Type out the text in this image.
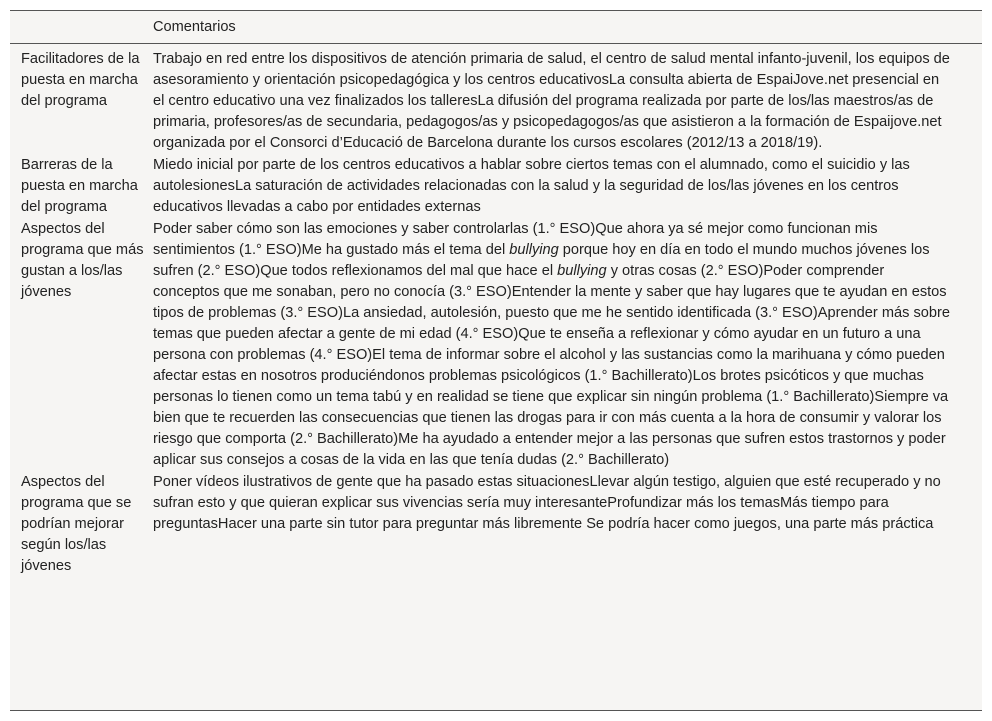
	Comentarios
Facilitadores de la puesta en marcha del programa	Trabajo en red entre los dispositivos de atención primaria de salud, el centro de salud mental infanto-juvenil, los equipos de asesoramiento y orientación psicopedagógica y los centros educativosLa consulta abierta de EspaiJove.net presencial en el centro educativo una vez finalizados los talleresLa difusión del programa realizada por parte de los/las maestros/as de primaria, profesores/as de secundaria, pedagogos/as y psicopedagogos/as que asistieron a la formación de Espaijove.net organizada por el Consorci d’Educació de Barcelona durante los cursos escolares (2012/13 a 2018/19).
Barreras de la puesta en marcha del programa	Miedo inicial por parte de los centros educativos a hablar sobre ciertos temas con el alumnado, como el suicidio y las autolesionesLa saturación de actividades relacionadas con la salud y la seguridad de los/las jóvenes en los centros educativos llevadas a cabo por entidades externas
Aspectos del programa que más gustan a los/las jóvenes	Poder saber cómo son las emociones y saber controlarlas (1.° ESO)Que ahora ya sé mejor como funcionan mis sentimientos (1.° ESO)Me ha gustado más el tema del bullying porque hoy en día en todo el mundo muchos jóvenes los sufren (2.° ESO)Que todos reflexionamos del mal que hace el bullying y otras cosas (2.° ESO)Poder comprender conceptos que me sonaban, pero no conocía (3.° ESO)Entender la mente y saber que hay lugares que te ayudan en estos tipos de problemas (3.° ESO)La ansiedad, autolesión, puesto que me he sentido identificada (3.° ESO)Aprender más sobre temas que pueden afectar a gente de mi edad (4.° ESO)Que te enseña a reflexionar y cómo ayudar en un futuro a una persona con problemas (4.° ESO)El tema de informar sobre el alcohol y las sustancias como la marihuana y cómo pueden afectar estas en nosotros produciéndonos problemas psicológicos (1.° Bachillerato)Los brotes psicóticos y que muchas personas lo tienen como un tema tabú y en realidad se tiene que explicar sin ningún problema (1.° Bachillerato)Siempre va bien que te recuerden las consecuencias que tienen las drogas para ir con más cuenta a la hora de consumir y valorar los riesgo que comporta (2.° Bachillerato)Me ha ayudado a entender mejor a las personas que sufren estos trastornos y poder aplicar sus consejos a cosas de la vida en las que tenía dudas (2.° Bachillerato)
Aspectos del programa que se podrían mejorar según los/las jóvenes	Poner vídeos ilustrativos de gente que ha pasado estas situacionesLlevar algún testigo, alguien que esté recuperado y no sufran esto y que quieran explicar sus vivencias sería muy interesanteProfundizar más los temasMás tiempo para preguntasHacer una parte sin tutor para preguntar más libremente Se podría hacer como juegos, una parte más práctica
